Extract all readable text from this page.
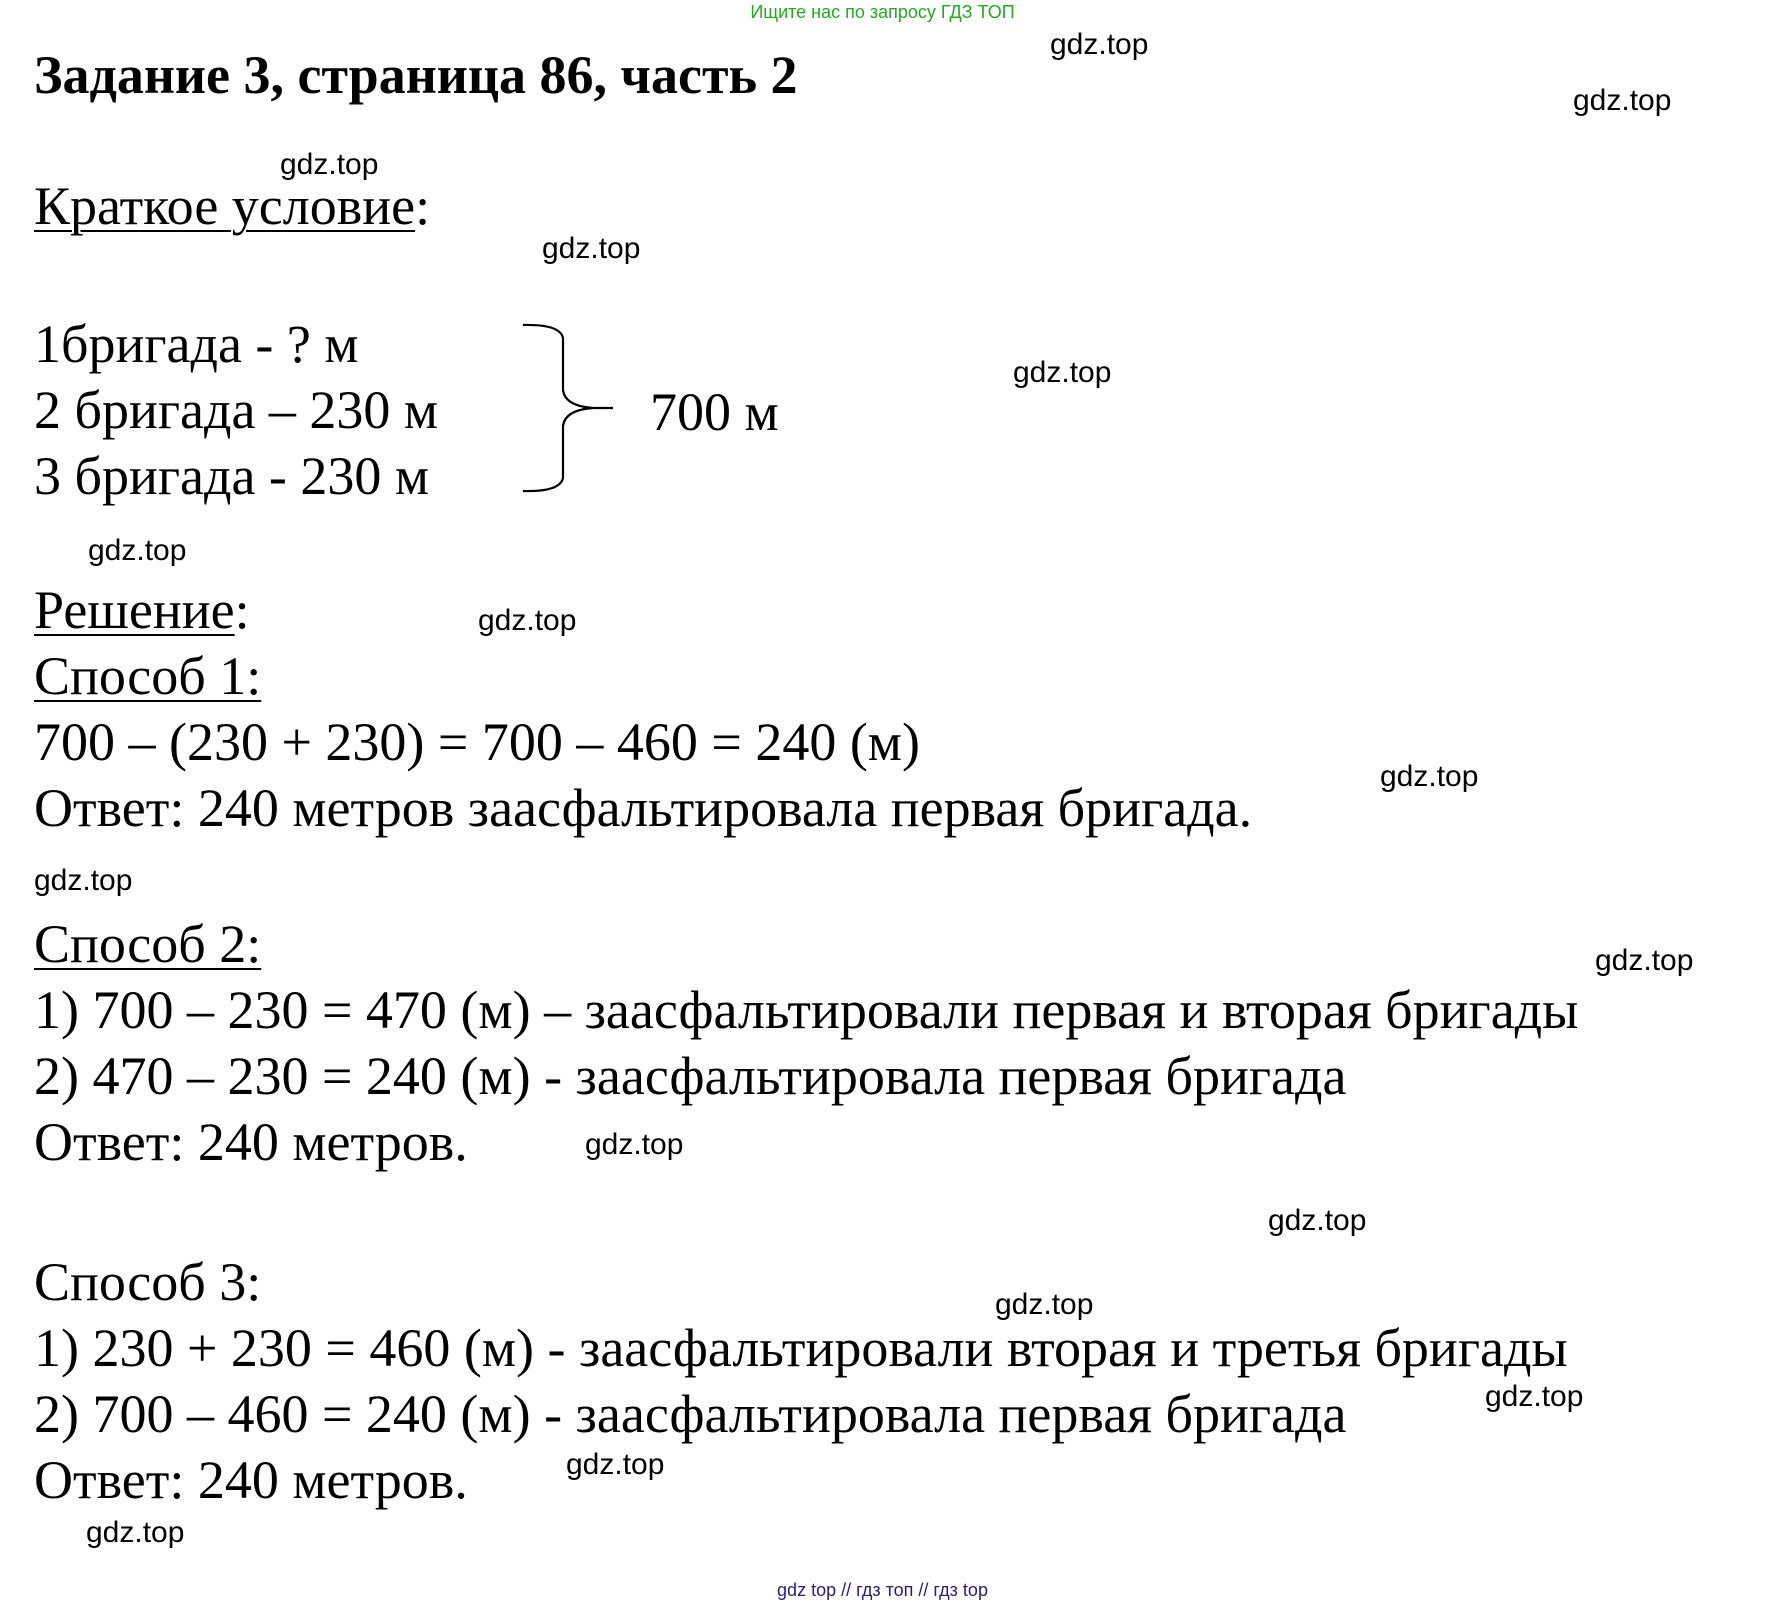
Ищите нас по запросу ГДЗ ТОП
Задание 3, страница 86, часть 2
Краткое условие:
1бригада - ? м
2 бригада – 230 м
3 бригада - 230 м
700 м
Решение:
Способ 1:
700 – (230 + 230) = 700 – 460 = 240 (м)
Ответ: 240 метров заасфальтировала первая бригада.
Способ 2:
1) 700 – 230 = 470 (м) – заасфальтировали первая и вторая бригады
2) 470 – 230 = 240 (м) - заасфальтировала первая бригада
Ответ: 240 метров.
Способ 3:
1) 230 + 230 = 460 (м) - заасфальтировали вторая и третья бригады
2) 700 – 460 = 240 (м) - заасфальтировала первая бригада
Ответ: 240 метров.
gdz.top
gdz.top
gdz.top
gdz.top
gdz.top
gdz.top
gdz.top
gdz.top
gdz.top
gdz.top
gdz.top
gdz.top
gdz.top
gdz.top
gdz.top
gdz.top
gdz top // гдз топ // гдз top
